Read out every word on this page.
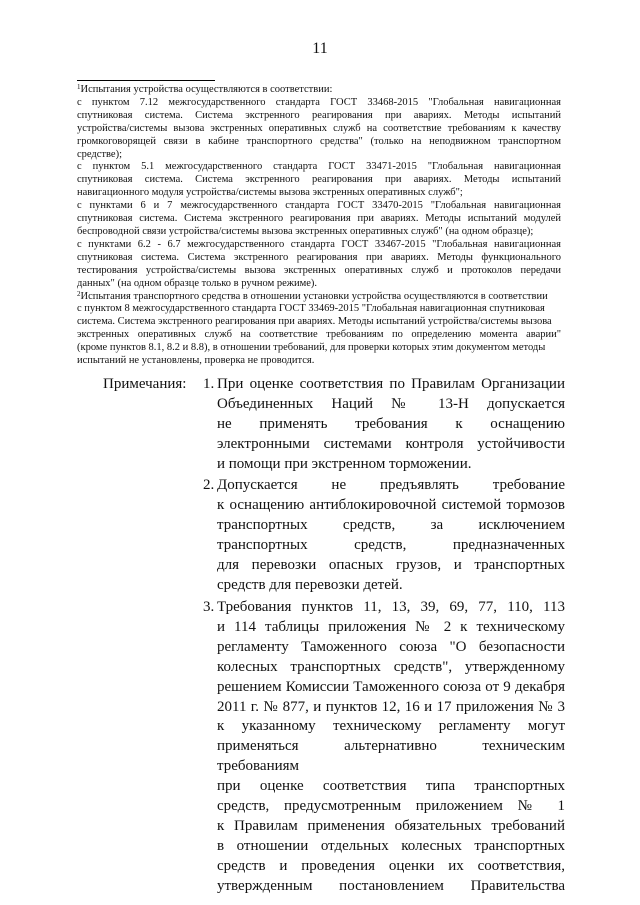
11
$^1$Испытания устройства осуществляются в соответствии:
с пунктом 7.12 межгосударственного стандарта ГОСТ 33468-2015 "Глобальная навигационная
спутниковая система. Система экстренного реагирования при авариях. Методы испытаний
устройства/системы вызова экстренных оперативных служб на соответствие требованиям к качеству
громкоговорящей связи в кабине транспортного средства" (только на неподвижном транспортном
средстве);
с пунктом 5.1 межгосударственного стандарта ГОСТ 33471-2015 "Глобальная навигационная
спутниковая система. Система экстренного реагирования при авариях. Методы испытаний
навигационного модуля устройства/системы вызова экстренных оперативных служб";
с пунктами 6 и 7 межгосударственного стандарта ГОСТ 33470-2015 "Глобальная навигационная
спутниковая система. Система экстренного реагирования при авариях. Методы испытаний модулей
беспроводной связи устройства/системы вызова экстренных оперативных служб" (на одном образце);
с пунктами 6.2 - 6.7 межгосударственного стандарта ГОСТ 33467-2015 "Глобальная навигационная
спутниковая система. Система экстренного реагирования при авариях. Методы функционального
тестирования устройства/системы вызова экстренных оперативных служб и протоколов передачи
данных" (на одном образце только в ручном режиме).
$^2$Испытания транспортного средства в отношении установки устройства осуществляются в соответствии
с пунктом 8 межгосударственного стандарта ГОСТ 33469-2015 "Глобальная навигационная спутниковая
система. Система экстренного реагирования при авариях. Методы испытаний устройства/системы вызова
экстренных оперативных служб на соответствие требованиям по определению момента аварии"
(кроме пунктов 8.1, 8.2 и 8.8), в отношении требований, для проверки которых этим документом методы
испытаний не установлены, проверка не проводится.
Примечания: 1. При оценке соответствия по Правилам Организации
Объединенных Наций № 13-Н допускается
не применять требования к оснащению
электронными системами контроля устойчивости
и помощи при экстренном торможении.
2. Допускается не предъявлять требование
к оснащению антиблокировочной системой тормозов
транспортных средств, за исключением
транспортных средств, предназначенных
для перевозки опасных грузов, и транспортных
средств для перевозки детей.
3. Требования пунктов 11, 13, 39, 69, 77, 110, 113
и 114 таблицы приложения № 2 к техническому
регламенту Таможенного союза "О безопасности
колесных транспортных средств", утвержденному
решением Комиссии Таможенного союза от 9 декабря
2011 г. № 877, и пунктов 12, 16 и 17 приложения № 3
к указанному техническому регламенту могут
применяться альтернативно техническим требованиям
при оценке соответствия типа транспортных
средств, предусмотренным приложением № 1
к Правилам применения обязательных требований
в отношении отдельных колесных транспортных
средств и проведения оценки их соответствия,
утвержденным постановлением Правительства
